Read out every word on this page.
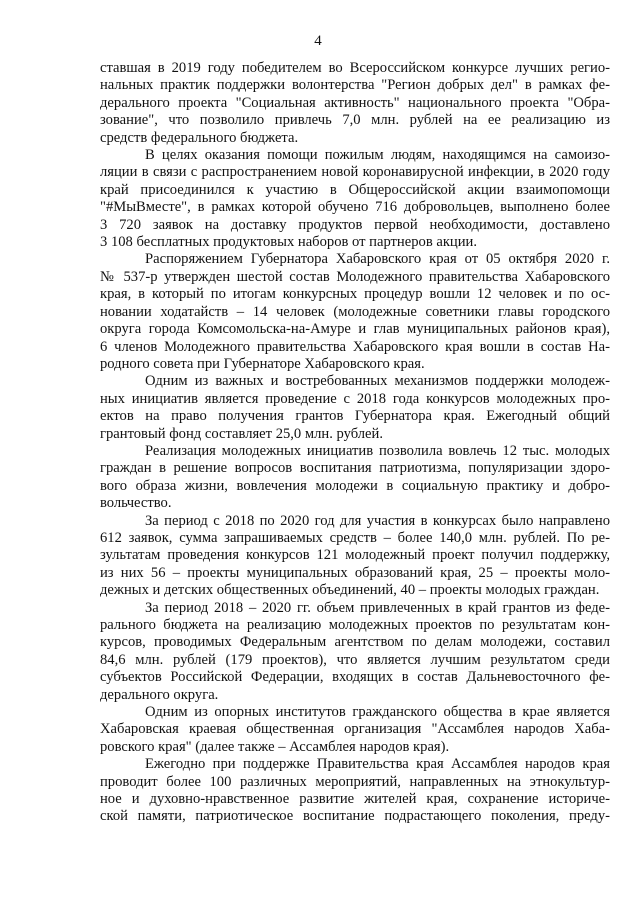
4

ставшая в 2019 году победителем во Всероссийском конкурсе лучших регио-
нальных практик поддержки волонтерства "Регион добрых дел" в рамках фе-
дерального проекта "Социальная активность" национального проекта "Обра-
зование", что позволило привлечь 7,0 млн. рублей на ее реализацию из
средств федерального бюджета.

В целях оказания помощи пожилым людям, находящимся на самоизо-
ляции в связи с распространением новой коронавирусной инфекции, в 2020 году
край присоединился к участию в Общероссийской акции взаимопомощи
"#МыВместе", в рамках которой обучено 716 добровольцев, выполнено более
3 720 заявок на доставку продуктов первой необходимости, доставлено
3 108 бесплатных продуктовых наборов от партнеров акции.

Распоряжением Губернатора Хабаровского края от 05 октября 2020 г.
№ 537-р утвержден шестой состав Молодежного правительства Хабаровского
края, в который по итогам конкурсных процедур вошли 12 человек и по ос-
новании ходатайств – 14 человек (молодежные советники главы городского
округа города Комсомольска-на-Амуре и глав муниципальных районов края),
6 членов Молодежного правительства Хабаровского края вошли в состав На-
родного совета при Губернаторе Хабаровского края.

Одним из важных и востребованных механизмов поддержки молодеж-
ных инициатив является проведение с 2018 года конкурсов молодежных про-
ектов на право получения грантов Губернатора края. Ежегодный общий
грантовый фонд составляет 25,0 млн. рублей.

Реализация молодежных инициатив позволила вовлечь 12 тыс. молодых
граждан в решение вопросов воспитания патриотизма, популяризации здоро-
вого образа жизни, вовлечения молодежи в социальную практику и добро-
вольчество.

За период с 2018 по 2020 год для участия в конкурсах было направлено
612 заявок, сумма запрашиваемых средств – более 140,0 млн. рублей. По ре-
зультатам проведения конкурсов 121 молодежный проект получил поддержку,
из них 56 – проекты муниципальных образований края, 25 – проекты моло-
дежных и детских общественных объединений, 40 – проекты молодых граждан.

За период 2018 – 2020 гг. объем привлеченных в край грантов из феде-
рального бюджета на реализацию молодежных проектов по результатам кон-
курсов, проводимых Федеральным агентством по делам молодежи, составил
84,6 млн. рублей (179 проектов), что является лучшим результатом среди
субъектов Российской Федерации, входящих в состав Дальневосточного фе-
дерального округа.

Одним из опорных институтов гражданского общества в крае является
Хабаровская краевая общественная организация "Ассамблея народов Хаба-
ровского края" (далее также – Ассамблея народов края).

Ежегодно при поддержке Правительства края Ассамблея народов края
проводит более 100 различных мероприятий, направленных на этнокультур-
ное и духовно-нравственное развитие жителей края, сохранение историче-
ской памяти, патриотическое воспитание подрастающего поколения, преду-
